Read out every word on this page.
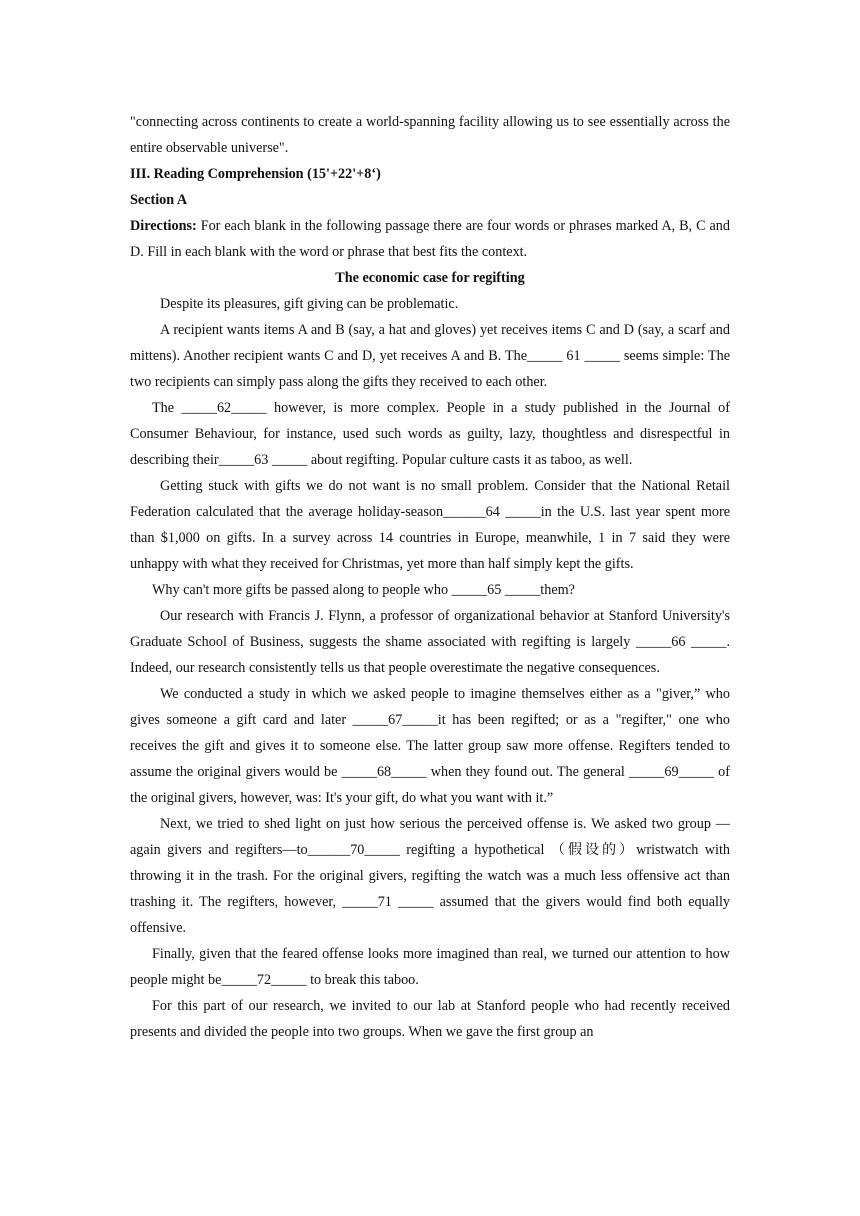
"connecting across continents to create a world-spanning facility allowing us to see essentially across the entire observable universe".

III. Reading Comprehension (15'+22'+8‘)

Section A

Directions: For each blank in the following passage there are four words or phrases marked A, B, C and D. Fill in each blank with the word or phrase that best fits the context.

The economic case for regifting

Despite its pleasures, gift giving can be problematic.

A recipient wants items A and B (say, a hat and gloves) yet receives items C and D (say, a scarf and mittens). Another recipient wants C and D, yet receives A and B. The_____ 61 _____ seems simple: The two recipients can simply pass along the gifts they received to each other.

The _____62_____ however, is more complex. People in a study published in the Journal of Consumer Behaviour, for instance, used such words as guilty, lazy, thoughtless and disrespectful in describing their_____63 _____ about regifting. Popular culture casts it as taboo, as well.

Getting stuck with gifts we do not want is no small problem. Consider that the National Retail Federation calculated that the average holiday-season______64 _____in the U.S. last year spent more than $1,000 on gifts. In a survey across 14 countries in Europe, meanwhile, 1 in 7 said they were unhappy with what they received for Christmas, yet more than half simply kept the gifts.

Why can't more gifts be passed along to people who _____65 _____them?

Our research with Francis J. Flynn, a professor of organizational behavior at Stanford University's Graduate School of Business, suggests the shame associated with regifting is largely _____66 _____. Indeed, our research consistently tells us that people overestimate the negative consequences.

We conducted a study in which we asked people to imagine themselves either as a "giver,” who gives someone a gift card and later _____67_____it has been regifted; or as a "regifter," one who receives the gift and gives it to someone else. The latter group saw more offense. Regifters tended to assume the original givers would be _____68_____ when they found out. The general _____69_____ of the original givers, however, was: It's your gift, do what you want with it.”

Next, we tried to shed light on just how serious the perceived offense is. We asked two group —again givers and regifters—to______70_____ regifting a hypothetical （假设的）wristwatch with throwing it in the trash. For the original givers, regifting the watch was a much less offensive act than trashing it. The regifters, however, _____71 _____ assumed that the givers would find both equally offensive.

Finally, given that the feared offense looks more imagined than real, we turned our attention to how people might be_____72_____ to break this taboo.

For this part of our research, we invited to our lab at Stanford people who had recently received presents and divided the people into two groups. When we gave the first group an
